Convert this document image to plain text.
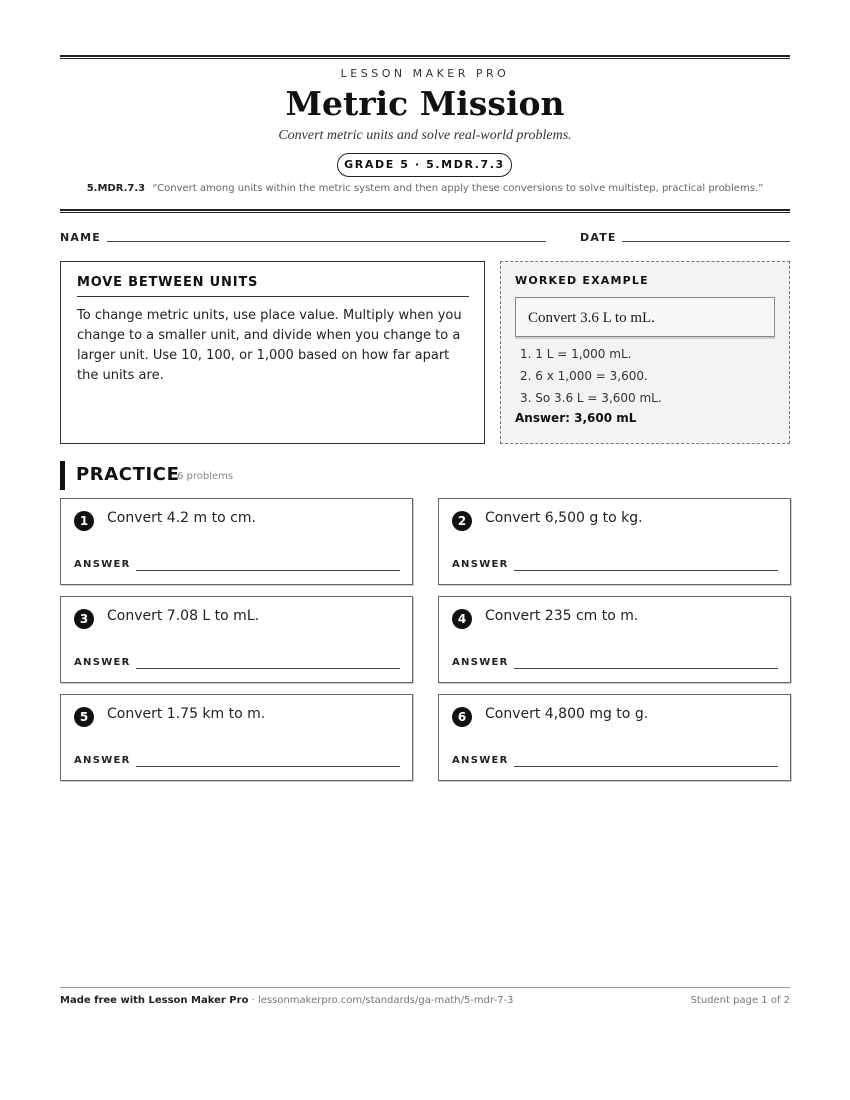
LESSON MAKER PRO
Metric Mission
Convert metric units and solve real-world problems.
GRADE 5 · 5.MDR.7.3
5.MDR.7.3 “Convert among units within the metric system and then apply these conversions to solve multistep, practical problems.”
NAME	DATE
MOVE BETWEEN UNITS
To change metric units, use place value. Multiply when you change to a smaller unit, and divide when you change to a larger unit. Use 10, 100, or 1,000 based on how far apart the units are.
WORKED EXAMPLE
Convert 3.6 L to mL.
1. 1 L = 1,000 mL.
2. 6 x 1,000 = 3,600.
3. So 3.6 L = 3,600 mL.
Answer: 3,600 mL
PRACTICE
6 problems
1	Convert 4.2 m to cm.
ANSWER
2	Convert 6,500 g to kg.
ANSWER
3	Convert 7.08 L to mL.
ANSWER
4	Convert 235 cm to m.
ANSWER
5	Convert 1.75 km to m.
ANSWER
6	Convert 4,800 mg to g.
ANSWER
Made free with Lesson Maker Pro · lessonmakerpro.com/standards/ga-math/5-mdr-7-3	Student page 1 of 2
